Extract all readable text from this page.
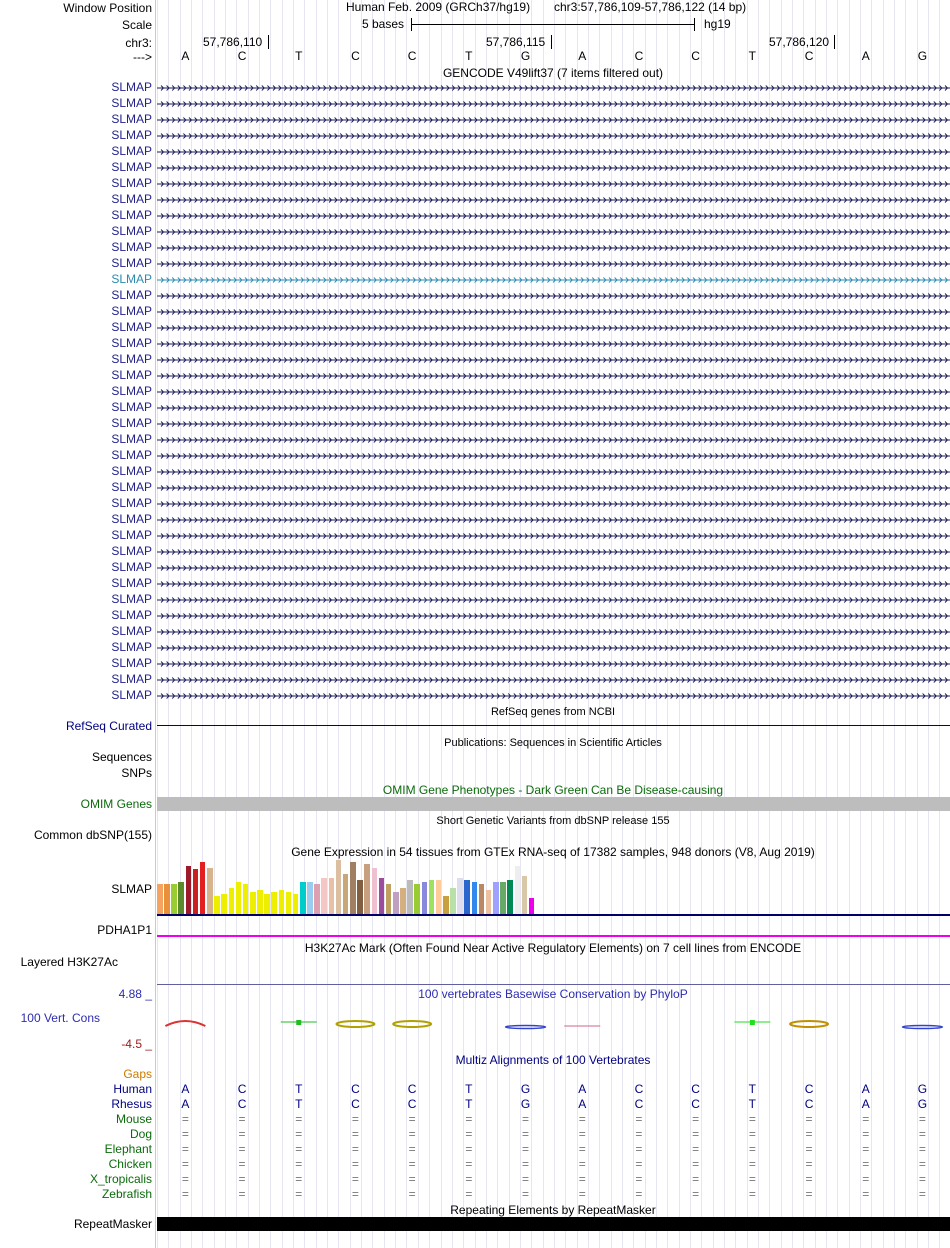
Window Position
Scale
chr3:
--->
Human Feb. 2009 (GRCh37/hg19) chr3:57,786,109-57,786,122 (14 bp)
5 bases	hg19
57,786,110	57,786,115	57,786,120
A	C	T	C	C	T	G	A	C	C	T	C	A	G
GENCODE V49lift37 (7 items filtered out)
SLMAP
SLMAP
SLMAP
SLMAP
SLMAP
SLMAP
SLMAP
SLMAP
SLMAP
SLMAP
SLMAP
SLMAP
SLMAP
SLMAP
SLMAP
SLMAP
SLMAP
SLMAP
SLMAP
SLMAP
SLMAP
SLMAP
SLMAP
SLMAP
SLMAP
SLMAP
SLMAP
SLMAP
SLMAP
SLMAP
SLMAP
SLMAP
SLMAP
SLMAP
SLMAP
SLMAP
SLMAP
SLMAP
SLMAP
RefSeq genes from NCBI
RefSeq Curated
Publications: Sequences in Scientific Articles
Sequences
SNPs
OMIM Gene Phenotypes - Dark Green Can Be Disease-causing
OMIM Genes
Short Genetic Variants from dbSNP release 155
Common dbSNP(155)
Gene Expression in 54 tissues from GTEx RNA-seq of 17382 samples, 948 donors (V8, Aug 2019)
SLMAP
PDHA1P1
H3K27Ac Mark (Often Found Near Active Regulatory Elements) on 7 cell lines from ENCODE
Layered H3K27Ac
100 vertebrates Basewise Conservation by PhyloP
4.88 _
100 Vert. Cons
-4.5 _
Multiz Alignments of 100 Vertebrates
Gaps
Human A	C	T	C	C	T	G	A	C	C	T	C	A	G
Rhesus A	C	T	C	C	T	G	A	C	C	T	C	A	G
Mouse =	=	=	=	=	=	=	=	=	=	=	=	=	=
Dog =	=	=	=	=	=	=	=	=	=	=	=	=	=
Elephant =	=	=	=	=	=	=	=	=	=	=	=	=	=
Chicken =	=	=	=	=	=	=	=	=	=	=	=	=	=
X_tropicalis =	=	=	=	=	=	=	=	=	=	=	=	=	=
Zebrafish =	=	=	=	=	=	=	=	=	=	=	=	=	=
Repeating Elements by RepeatMasker
RepeatMasker
